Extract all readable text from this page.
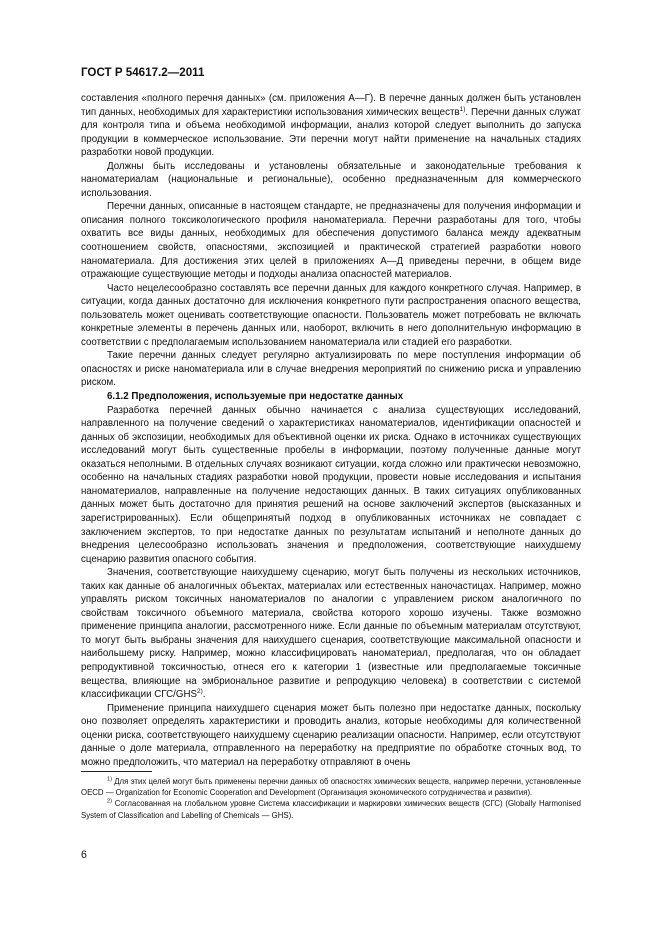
ГОСТ Р 54617.2—2011

составления «полного перечня данных» (см. приложения А—Г). В перечне данных должен быть установлен тип данных, необходимых для характеристики использования химических веществ$^{1)}$. Перечни данных служат для контроля типа и объема необходимой информации, анализ которой следует выполнить до запуска продукции в коммерческое использование. Эти перечни могут найти применение на начальных стадиях разработки новой продукции.

Должны быть исследованы и установлены обязательные и законодательные требования к наноматериалам (национальные и региональные), особенно предназначенным для коммерческого использования.

Перечни данных, описанные в настоящем стандарте, не предназначены для получения информации и описания полного токсикологического профиля наноматериала. Перечни разработаны для того, чтобы охватить все виды данных, необходимых для обеспечения допустимого баланса между адекватным соотношением свойств, опасностями, экспозицией и практической стратегией разработки нового наноматериала. Для достижения этих целей в приложениях А—Д приведены перечни, в общем виде отражающие существующие методы и подходы анализа опасностей материалов.

Часто нецелесообразно составлять все перечни данных для каждого конкретного случая. Например, в ситуации, когда данных достаточно для исключения конкретного пути распространения опасного вещества, пользователь может оценивать соответствующие опасности. Пользователь может потребовать не включать конкретные элементы в перечень данных или, наоборот, включить в него дополнительную информацию в соответствии с предполагаемым использованием наноматериала или стадией его разработки.

Такие перечни данных следует регулярно актуализировать по мере поступления информации об опасностях и риске наноматериала или в случае внедрения мероприятий по снижению риска и управлению риском.

6.1.2 Предположения, используемые при недостатке данных

Разработка перечней данных обычно начинается с анализа существующих исследований, направленного на получение сведений о характеристиках наноматериалов, идентификации опасностей и данных об экспозиции, необходимых для объективной оценки их риска. Однако в источниках существующих исследований могут быть существенные пробелы в информации, поэтому полученные данные могут оказаться неполными. В отдельных случаях возникают ситуации, когда сложно или практически невозможно, особенно на начальных стадиях разработки новой продукции, провести новые исследования и испытания наноматериалов, направленные на получение недостающих данных. В таких ситуациях опубликованных данных может быть достаточно для принятия решений на основе заключений экспертов (высказанных и зарегистрированных). Если общепринятый подход в опубликованных источниках не совпадает с заключением экспертов, то при недостатке данных по результатам испытаний и неполноте данных до внедрения целесообразно использовать значения и предположения, соответствующие наихудшему сценарию развития опасного события.

Значения, соответствующие наихудшему сценарию, могут быть получены из нескольких источников, таких как данные об аналогичных объектах, материалах или естественных наночастицах. Например, можно управлять риском токсичных наноматериалов по аналогии с управлением риском аналогичного по свойствам токсичного объемного материала, свойства которого хорошо изучены. Также возможно применение принципа аналогии, рассмотренного ниже. Если данные по объемным материалам отсутствуют, то могут быть выбраны значения для наихудшего сценария, соответствующие максимальной опасности и наибольшему риску. Например, можно классифицировать наноматериал, предполагая, что он обладает репродуктивной токсичностью, отнеся его к категории 1 (известные или предполагаемые токсичные вещества, влияющие на эмбриональное развитие и репродукцию человека) в соответствии с системой классификации СГС/GHS$^{2)}$.

Применение принципа наихудшего сценария может быть полезно при недостатке данных, поскольку оно позволяет определять характеристики и проводить анализ, которые необходимы для количественной оценки риска, соответствующего наихудшему сценарию реализации опасности. Например, если отсутствуют данные о доле материала, отправленного на переработку на предприятие по обработке сточных вод, то можно предположить, что материал на переработку отправляют в очень

$^{1)}$ Для этих целей могут быть применены перечни данных об опасностях химических веществ, например перечни, установленные OECD — Organization for Economic Cooperation and Development (Организация экономического сотрудничества и развития).

$^{2)}$ Согласованная на глобальном уровне Система классификации и маркировки химических веществ (СГС) (Globally Harmonised System of Classification and Labelling of Chemicals — GHS).

6
